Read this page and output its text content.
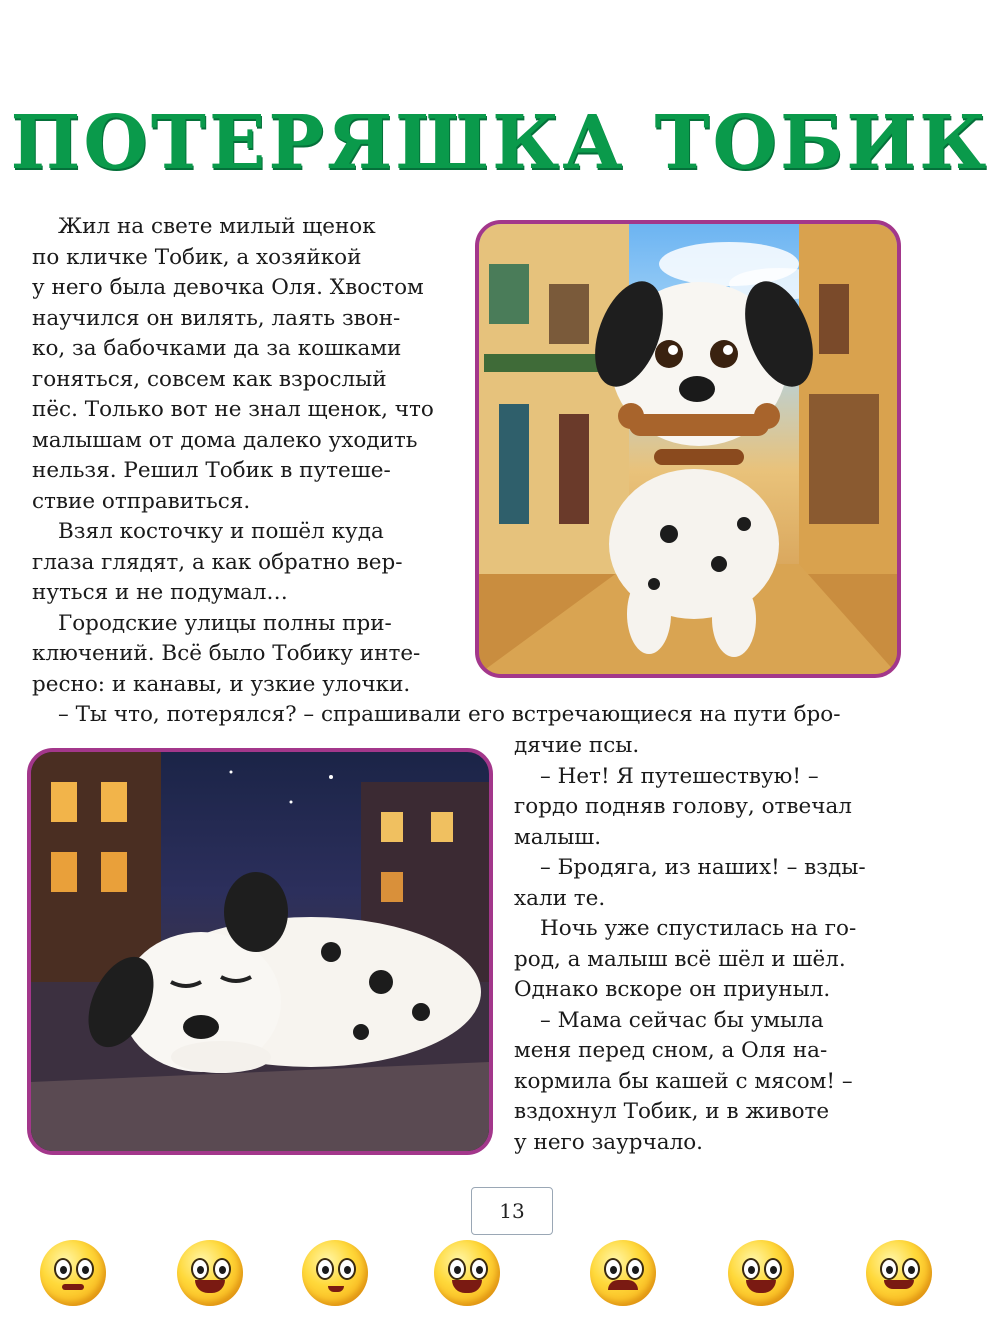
ПОТЕРЯШКА ТОБИК

Жил на свете милый щенок

по кличке Тобик, а хозяйкой

у него была девочка Оля. Хвостом

научился он вилять, лаять звон-

ко, за бабочками да за кошками

гоняться, совсем как взрослый

пёс. Только вот не знал щенок, что

малышам от дома далеко уходить

нельзя. Решил Тобик в путеше-

ствие отправиться.

Взял косточку и пошёл куда

глаза глядят, а как обратно вер-

нуться и не подумал…

Городские улицы полны при-

ключений. Всё было Тобику инте-

ресно: и канавы, и узкие улочки.

– Ты что, потерялся? – спрашивали его встречающиеся на пути бро-

дячие псы.

– Нет! Я путешествую! –

гордо подняв голову, отвечал

малыш.

– Бродяга, из наших! – взды-

хали те.

Ночь уже спустилась на го-

род, а малыш всё шёл и шёл.

Однако вскоре он приуныл.

– Мама сейчас бы умыла

меня перед сном, а Оля на-

кормила бы кашей с мясом! –

вздохнул Тобик, и в животе

у него заурчало.

13
